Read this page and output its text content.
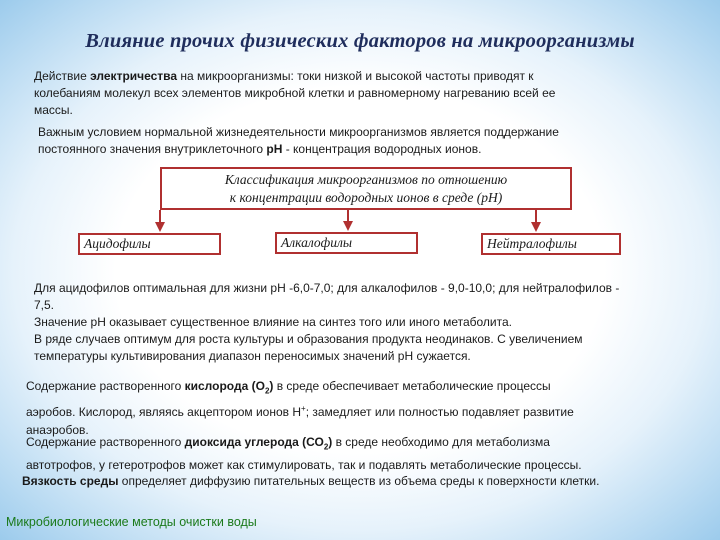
Влияние прочих физических факторов на микроорганизмы
Действие электричества на микроорганизмы: токи низкой и высокой частоты приводят к
колебаниям молекул всех элементов микробной клетки и равномерному нагреванию всей ее
массы.
Важным условием нормальной жизнедеятельности микроорганизмов является поддержание
постоянного значения внутриклеточного рН - концентрация водородных ионов.
Классификация микроорганизмов по отношению
к концентрации водородных ионов в среде (рН)
Ацидофилы	Алкалофилы	Нейтралофилы
Для ацидофилов оптимальная для жизни рН -6,0-7,0; для алкалофилов - 9,0-10,0; для нейтралофилов -
7,5.
Значение рН оказывает существенное влияние на синтез того или иного метаболита.
В ряде случаев оптимум для роста культуры и образования продукта неодинаков. С увеличением
температуры культивирования диапазон переносимых значений рН сужается.
Содержание растворенного кислорода $(О_2)$ в среде обеспечивает метаболические процессы
аэробов. Кислород, являясь акцептором ионов Н+; замедляет или полностью подавляет развитие
анаэробов.
Содержание растворенного диоксида углерода $(СО_2)$ в среде необходимо для метаболизма
автотрофов, у гетеротрофов может как стимулировать, так и подавлять метаболические процессы.
Вязкость среды определяет диффузию питательных веществ из объема среды к поверхности клетки.
Микробиологические методы очистки воды
